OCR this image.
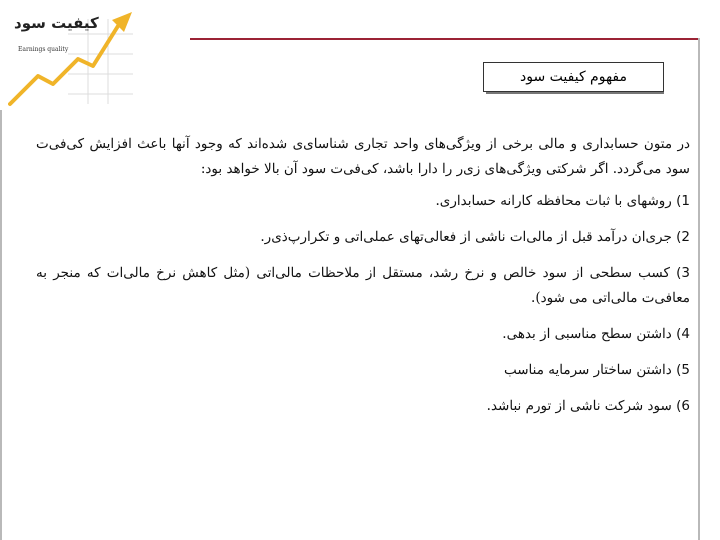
کیفیت سود
Earnings quality
مفهوم کیفیت سود

در متون حسابداری و مالی برخی از ویژگی‌های واحد تجاری شناسای‌ی شده‌اند که وجود آنها باعث افزایش کی‌فی‌ت سود می‌گردد. اگر شرکتی ویژگی‌های زی‌ر را دارا باشد، کی‌فی‌ت سود آن بالا خواهد بود:

1) روشهای با ثبات محافظه کارانه حسابداری.

2) جری‌ان درآمد قبل از مالی‌ات ناشی از فعالی‌تهای عملی‌اتی و تکرارپ‌ذی‌ر.

3) کسب سطحی از سود خالص و نرخ رشد، مستقل از ملاحظات مالی‌اتی (مثل کاهش نرخ مالی‌ات که منجر به معافی‌ت مالی‌اتی می شود).

4) داشتن سطح مناسبی از بدهی.

5) داشتن ساختار سرمایه مناسب

6) سود شرکت ناشی از تورم نباشد.
